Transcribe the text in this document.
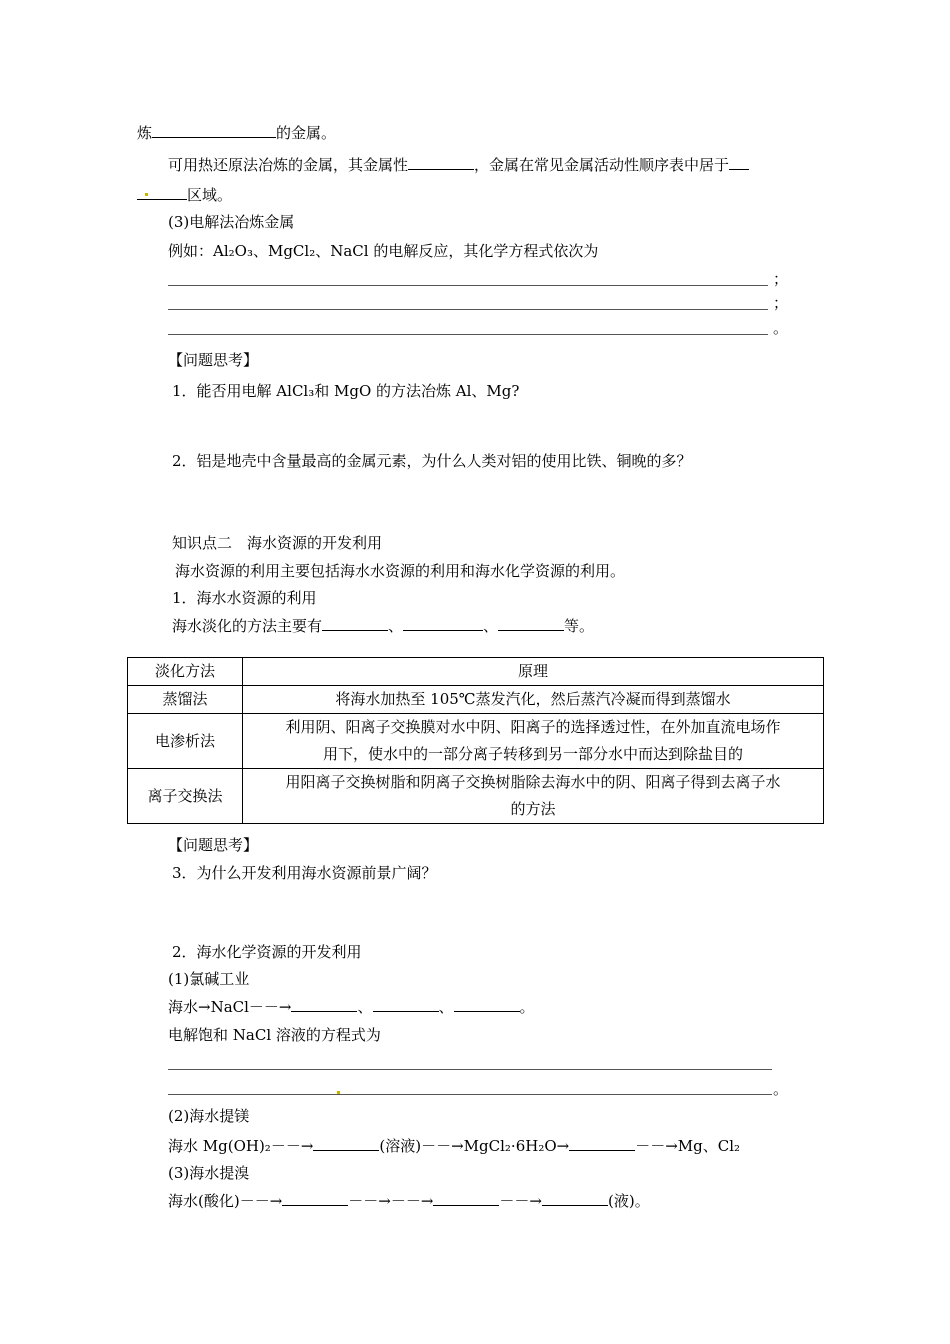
炼	的金属。
可用热还原法冶炼的金属，其金属性	，金属在常见金属活动性顺序表中居于
区域。
(3)电解法冶炼金属
例如：Al₂O₃、MgCl₂、NaCl 的电解反应，其化学方程式依次为
；
；
。
【问题思考】
1．能否用电解 AlCl₃和 MgO 的方法冶炼 Al、Mg?
2．铝是地壳中含量最高的金属元素，为什么人类对铝的使用比铁、铜晚的多？
知识点二　海水资源的开发利用
海水资源的利用主要包括海水水资源的利用和海水化学资源的利用。
1．海水水资源的利用
海水淡化的方法主要有	、	、	等。
淡化方法	原理
蒸馏法	将海水加热至 105℃蒸发汽化，然后蒸汽冷凝而得到蒸馏水
电渗析法	利用阴、阳离子交换膜对水中阴、阳离子的选择透过性，在外加直流电场作
用下，使水中的一部分离子转移到另一部分水中而达到除盐目的

离子交换法	用阳离子交换树脂和阴离子交换树脂除去海水中的阴、阳离子得到去离子水
的方法
【问题思考】
3．为什么开发利用海水资源前景广阔？
2．海水化学资源的开发利用
(1)氯碱工业
海水→NaCl－－→	、	、	。
电解饱和 NaCl 溶液的方程式为
。
(2)海水提镁
海水 Mg(OH)₂－－→	(溶液)－－→MgCl₂·6H₂O→	－－→Mg、Cl₂
(3)海水提溴
海水(酸化)－－→	－－→－－→	－－→	(液)。
